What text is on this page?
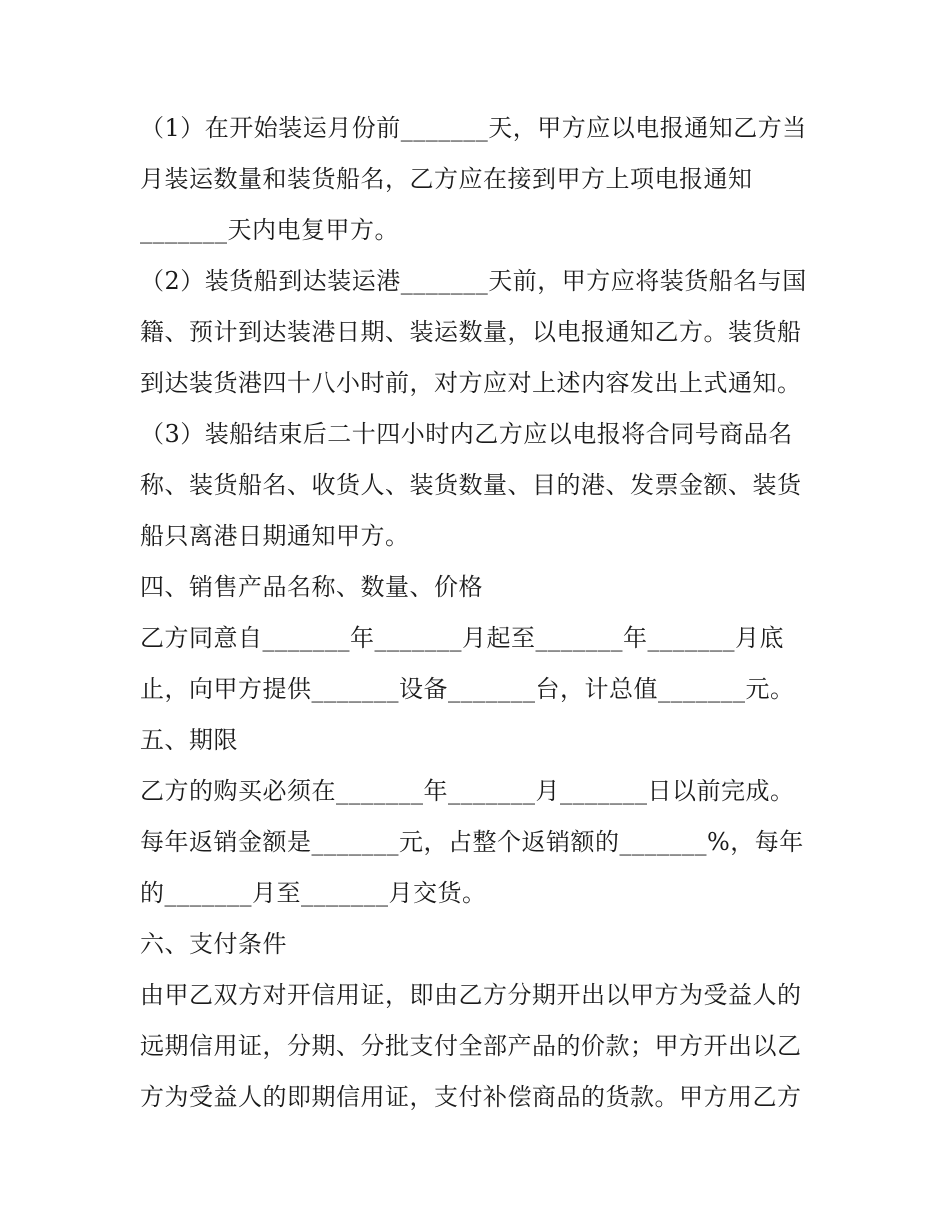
（1）在开始装运月份前_______天，甲方应以电报通知乙方当
月装运数量和装货船名，乙方应在接到甲方上项电报通知
_______天内电复甲方。
（2）装货船到达装运港_______天前，甲方应将装货船名与国
籍、预计到达装港日期、装运数量，以电报通知乙方。装货船
到达装货港四十八小时前，对方应对上述内容发出上式通知。
（3）装船结束后二十四小时内乙方应以电报将合同号商品名
称、装货船名、收货人、装货数量、目的港、发票金额、装货
船只离港日期通知甲方。
四、销售产品名称、数量、价格
乙方同意自_______年_______月起至_______年_______月底
止，向甲方提供_______设备_______台，计总值_______元。
五、期限
乙方的购买必须在_______年_______月_______日以前完成。
每年返销金额是_______元，占整个返销额的_______%，每年
的_______月至_______月交货。
六、支付条件
由甲乙双方对开信用证，即由乙方分期开出以甲方为受益人的
远期信用证，分期、分批支付全部产品的价款；甲方开出以乙
方为受益人的即期信用证，支付补偿商品的货款。甲方用乙方
